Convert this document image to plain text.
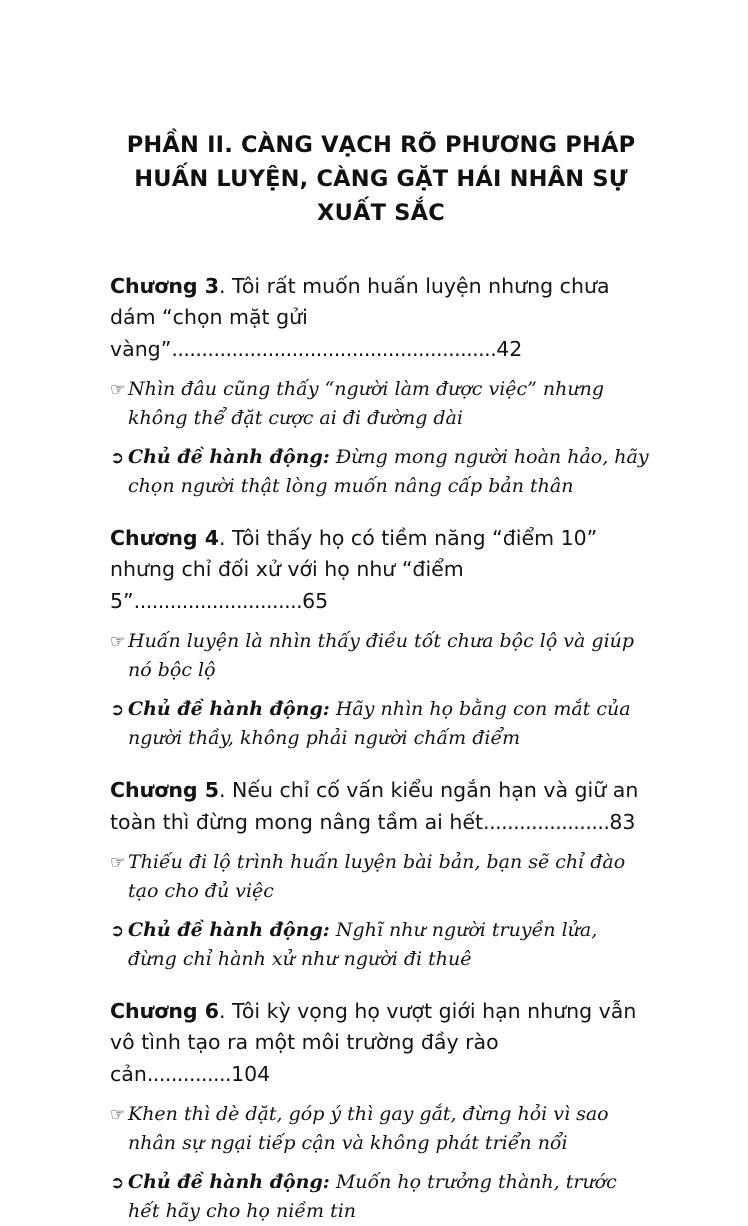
PHẦN II. CÀNG VẠCH RÕ PHƯƠNG PHÁP HUẤN LUYỆN, CÀNG GẶT HÁI NHÂN SỰ XUẤT SẮC

Chương 3. Tôi rất muốn huấn luyện nhưng chưa dám “chọn mặt gửi vàng”......................................................42

☞ Nhìn đâu cũng thấy “người làm được việc” nhưng không thể đặt cược ai đi đường dài

➲ Chủ đề hành động: Đừng mong người hoàn hảo, hãy chọn người thật lòng muốn nâng cấp bản thân

Chương 4. Tôi thấy họ có tiềm năng “điểm 10” nhưng chỉ đối xử với họ như “điểm 5”............................65

☞ Huấn luyện là nhìn thấy điều tốt chưa bộc lộ và giúp nó bộc lộ

➲ Chủ đề hành động: Hãy nhìn họ bằng con mắt của người thầy, không phải người chấm điểm

Chương 5. Nếu chỉ cố vấn kiểu ngắn hạn và giữ an toàn thì đừng mong nâng tầm ai hết.....................83

☞ Thiếu đi lộ trình huấn luyện bài bản, bạn sẽ chỉ đào tạo cho đủ việc

➲ Chủ đề hành động: Nghĩ như người truyền lửa, đừng chỉ hành xử như người đi thuê

Chương 6. Tôi kỳ vọng họ vượt giới hạn nhưng vẫn vô tình tạo ra một môi trường đầy rào cản..............104

☞ Khen thì dè dặt, góp ý thì gay gắt, đừng hỏi vì sao nhân sự ngại tiếp cận và không phát triển nổi

➲ Chủ đề hành động: Muốn họ trưởng thành, trước hết hãy cho họ niềm tin
